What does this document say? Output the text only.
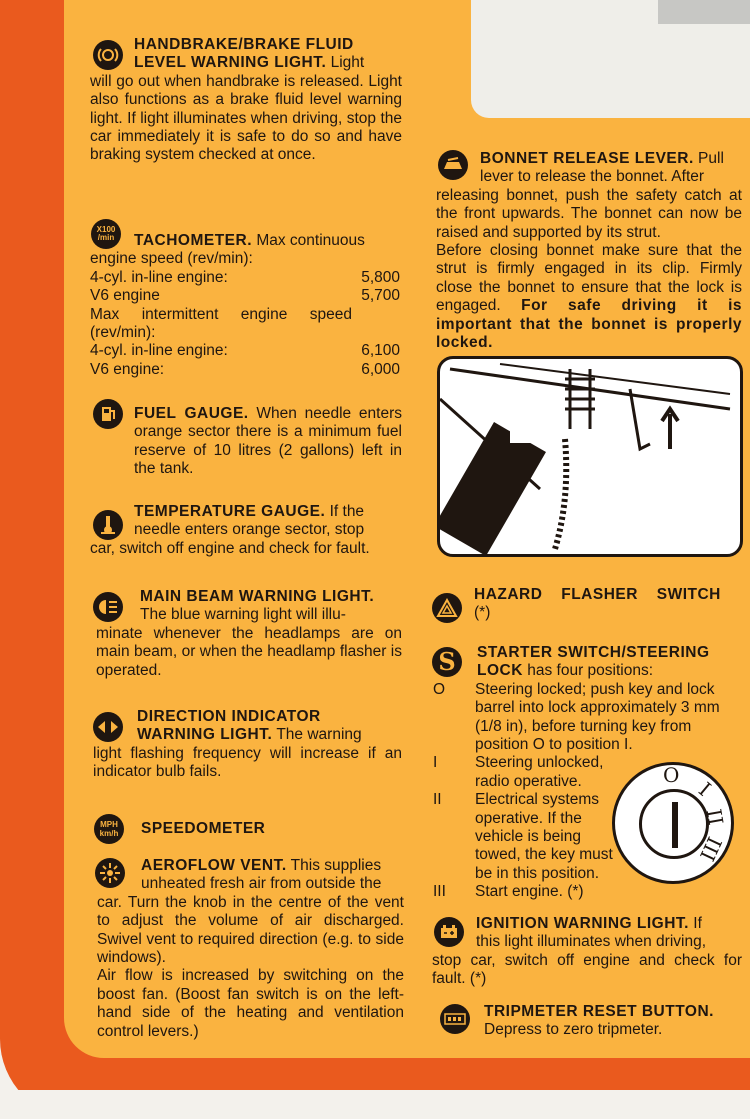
HANDBRAKE/BRAKE FLUID

LEVEL WARNING LIGHT. Light

will go out when handbrake is released. Light also functions as a brake fluid level warning light. If light illuminates when driving, stop the car immediately it is safe to do so and have braking system checked at once.

X100
/min	TACHOMETER. Max continuous

engine speed (rev/min):

4-cyl. in-line engine:	5,800
V6 engine	5,700

Max intermittent engine speed (rev/min):

4-cyl. in-line engine:	6,100
V6 engine:	6,000

FUEL GAUGE. When needle enters orange sector there is a minimum fuel reserve of 10 litres (2 gallons) left in the tank.

TEMPERATURE GAUGE. If the

needle enters orange sector, stop

car, switch off engine and check for fault.

MAIN BEAM WARNING LIGHT.

The blue warning light will illu-

minate whenever the headlamps are on main beam, or when the headlamp flasher is operated.

DIRECTION INDICATOR

WARNING LIGHT. The warning

light flashing frequency will increase if an indicator bulb fails.

MPH
km/h	SPEEDOMETER

AEROFLOW VENT. This supplies

unheated fresh air from outside the

car. Turn the knob in the centre of the vent to adjust the volume of air discharged. Swivel vent to required direction (e.g. to side windows).

Air flow is increased by switching on the boost fan. (Boost fan switch is on the left-hand side of the heating and ventilation control levers.)

BONNET RELEASE LEVER. Pull

lever to release the bonnet. After

releasing bonnet, push the safety catch at the front upwards. The bonnet can now be raised and supported by its strut.

Before closing bonnet make sure that the strut is firmly engaged in its clip. Firmly close the bonnet to ensure that the lock is engaged. For safe driving it is important that the bonnet is properly locked.

HAZARD FLASHER SWITCH

(*)

S	STARTER SWITCH/STEERING

LOCK has four positions:

O	Steering locked; push key and lock barrel into lock approximately 3 mm (1/8 in), before turning key from position O to position I.
I	Steering unlocked, radio operative.
II	Electrical systems operative. If the vehicle is being towed, the key must be in this position.
III	Start engine. (*)
O
I
II
III

IGNITION WARNING LIGHT. If

this light illuminates when driving,

stop car, switch off engine and check for fault. (*)

TRIPMETER RESET BUTTON.

Depress to zero tripmeter.
